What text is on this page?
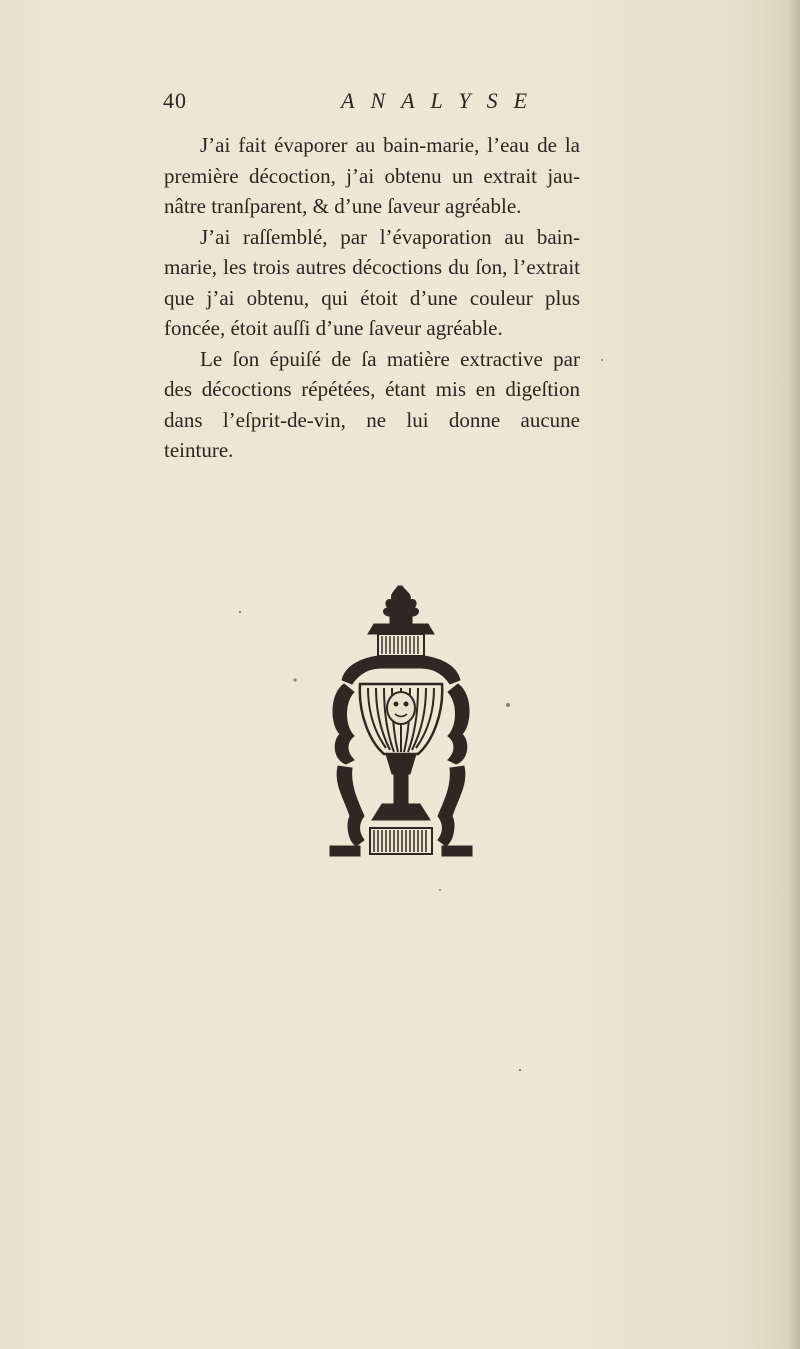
40	ANALYSE
J’ai fait évaporer au bain-marie, l’eau de la
première décoction, j’ai obtenu un extrait jau-
nâtre tranſparent, & d’une ſaveur agréable.
J’ai raſſemblé, par l’évaporation au bain-
marie, les trois autres décoctions du ſon, l’extrait
que j’ai obtenu, qui étoit d’une couleur plus
foncée, étoit auſſi d’une ſaveur agréable.
Le ſon épuiſé de ſa matière extractive par
des décoctions répétées, étant mis en digeſtion
dans l’eſprit-de-vin, ne lui donne aucune
teinture.
